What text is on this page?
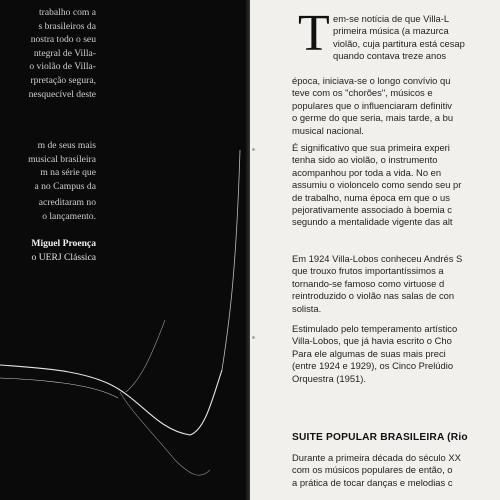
trabalho com a
s brasileiros da
nostra todo o seu
ntegral de Villa-
o violão de Villa-
rpretação segura,
nesquecível deste
m de seus mais
musical brasileira
m na série que
a no Campus da
acreditaram no
o lançamento.
Miguel Proença
o UERJ Clássica
T em-se notícia de que Villa-L
primeira música (a mazurca
violão, cuja partitura está cesap
quando contava treze anos
época, iniciava-se o longo convívio qu
teve com os "chorões", músicos e
populares que o influenciaram definitiv
o germe do que seria, mais tarde, a bu
musical nacional.
É significativo que sua primeira experi
tenha sido ao violão, o instrumento
acompanhou por toda a vida. No en
assumiu o violoncelo como sendo seu pr
de trabalho, numa época em que o us
pejorativamente associado à boemia c
segundo a mentalidade vigente das alt
Em 1924 Villa-Lobos conheceu Andrés S
que trouxo frutos importantíssimos a
tornando-se famoso como virtuose d
reintroduzido o violão nas salas de con
solista.
Estimulado pelo temperamento artístico
Villa-Lobos, que já havia escrito o Cho
Para ele algumas de suas mais preci
(entre 1924 e 1929), os Cinco Prelúdio
Orquestra (1951).
SUITE POPULAR BRASILEIRA (Rio
Durante a primeira década do século XX
com os músicos populares de então, o
a prática de tocar danças e melodias c
